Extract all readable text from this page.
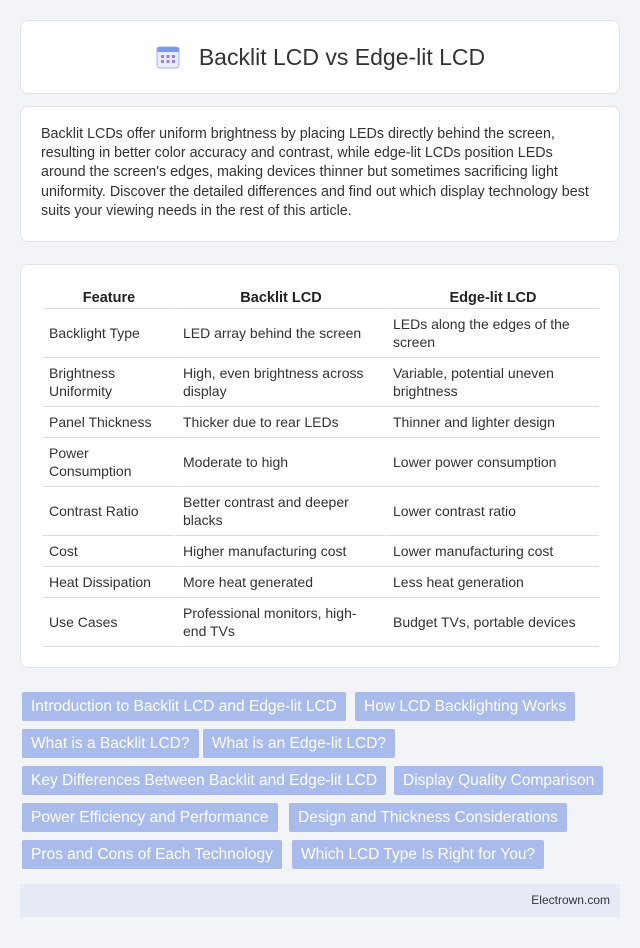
Backlit LCD vs Edge-lit LCD

Backlit LCDs offer uniform brightness by placing LEDs directly behind the screen, resulting in better color accuracy and contrast, while edge-lit LCDs position LEDs around the screen's edges, making devices thinner but sometimes sacrificing light uniformity. Discover the detailed differences and find out which display technology best suits your viewing needs in the rest of this article.

Feature	Backlit LCD	Edge-lit LCD
Backlight Type	LED array behind the screen	LEDs along the edges of the screen
Brightness Uniformity	High, even brightness across display	Variable, potential uneven brightness
Panel Thickness	Thicker due to rear LEDs	Thinner and lighter design
Power Consumption	Moderate to high	Lower power consumption
Contrast Ratio	Better contrast and deeper blacks	Lower contrast ratio
Cost	Higher manufacturing cost	Lower manufacturing cost
Heat Dissipation	More heat generated	Less heat generation
Use Cases	Professional monitors, high-end TVs	Budget TVs, portable devices
Introduction to Backlit LCD and Edge-lit LCD	How LCD Backlighting Works
What is a Backlit LCD?	What is an Edge-lit LCD?
Key Differences Between Backlit and Edge-lit LCD	Display Quality Comparison
Power Efficiency and Performance	Design and Thickness Considerations
Pros and Cons of Each Technology	Which LCD Type Is Right for You?
Electrown.com
